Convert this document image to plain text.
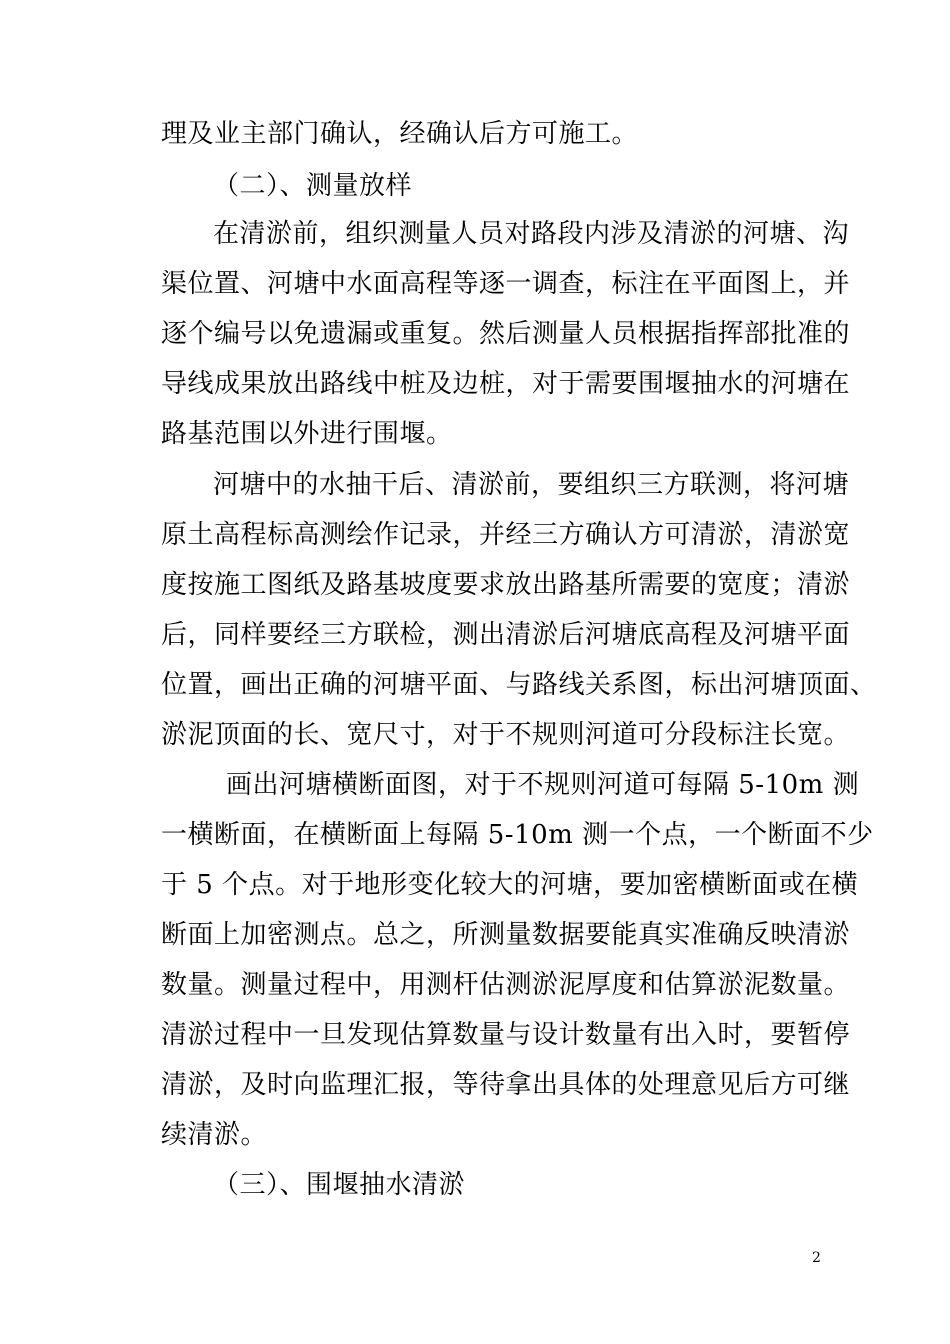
理及业主部门确认，经确认后方可施工。
（二）、测量放样
在清淤前，组织测量人员对路段内涉及清淤的河塘、沟
渠位置、河塘中水面高程等逐一调查，标注在平面图上，并
逐个编号以免遗漏或重复。然后测量人员根据指挥部批准的
导线成果放出路线中桩及边桩，对于需要围堰抽水的河塘在
路基范围以外进行围堰。
河塘中的水抽干后、清淤前，要组织三方联测，将河塘
原土高程标高测绘作记录，并经三方确认方可清淤，清淤宽
度按施工图纸及路基坡度要求放出路基所需要的宽度；清淤
后，同样要经三方联检，测出清淤后河塘底高程及河塘平面
位置，画出正确的河塘平面、与路线关系图，标出河塘顶面、
淤泥顶面的长、宽尺寸，对于不规则河道可分段标注长宽。
画出河塘横断面图，对于不规则河道可每隔 5-10m 测
一横断面，在横断面上每隔 5-10m 测一个点，一个断面不少
于 5 个点。对于地形变化较大的河塘，要加密横断面或在横
断面上加密测点。总之，所测量数据要能真实准确反映清淤
数量。测量过程中，用测杆估测淤泥厚度和估算淤泥数量。
清淤过程中一旦发现估算数量与设计数量有出入时，要暂停
清淤，及时向监理汇报，等待拿出具体的处理意见后方可继
续清淤。
（三）、围堰抽水清淤
2
